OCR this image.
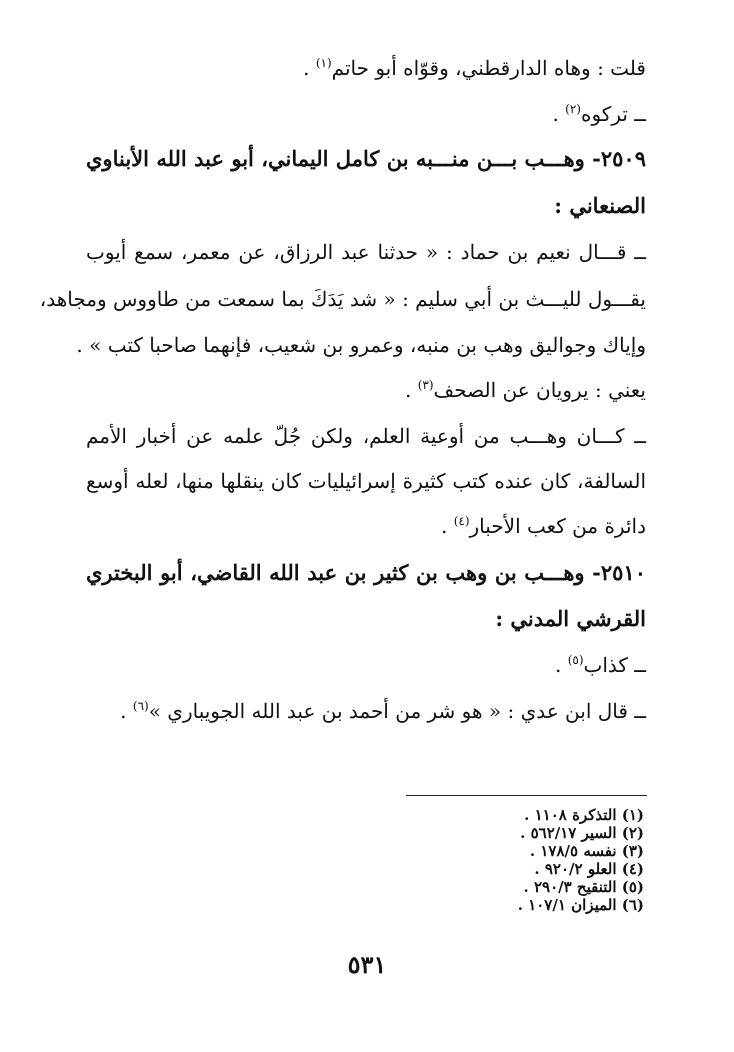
قلت : وهاه الدارقطني، وقوّاه أبو حاتم$^{(١)}$ .
ــ تركوه$^{(٢)}$ .
٢٥٠٩- وهـــب بـــن منـــبه بن كامل اليماني، أبو عبد الله الأبناوي
الصنعاني :
ــ قـــال نعيم بن حماد : « حدثنا عبد الرزاق، عن معمر، سمع أيوب
يقـــول لليـــث بن أبي سليم : « شد يَدَكَ بما سمعت من طاووس ومجاهد،
وإياك وجواليق وهب بن منبه، وعمرو بن شعيب، فإنهما صاحبا كتب » .
يعني : يرويان عن الصحف$^{(٣)}$ .
ــ كـــان وهـــب من أوعية العلم، ولكن جُلّ علمه عن أخبار الأمم
السالفة، كان عنده كتب كثيرة إسرائيليات كان ينقلها منها، لعله أوسع
دائرة من كعب الأحبار$^{(٤)}$ .
٢٥١٠- وهـــب بن وهب بن كثير بن عبد الله القاضي، أبو البختري
القرشي المدني :
ــ كذاب$^{(٥)}$ .
ــ قال ابن عدي : « هو شر من أحمد بن عبد الله الجويباري »$^{(٦)}$ .
(١) التذكرة ١١٠٨ .
(٢) السير ٥٦٢/١٧ .
(٣) نفسه ١٧٨/٥ .
(٤) العلو ٩٢٠/٢ .
(٥) التنقيح ٢٩٠/٣ .
(٦) الميزان ١٠٧/١ .
٥٣١
